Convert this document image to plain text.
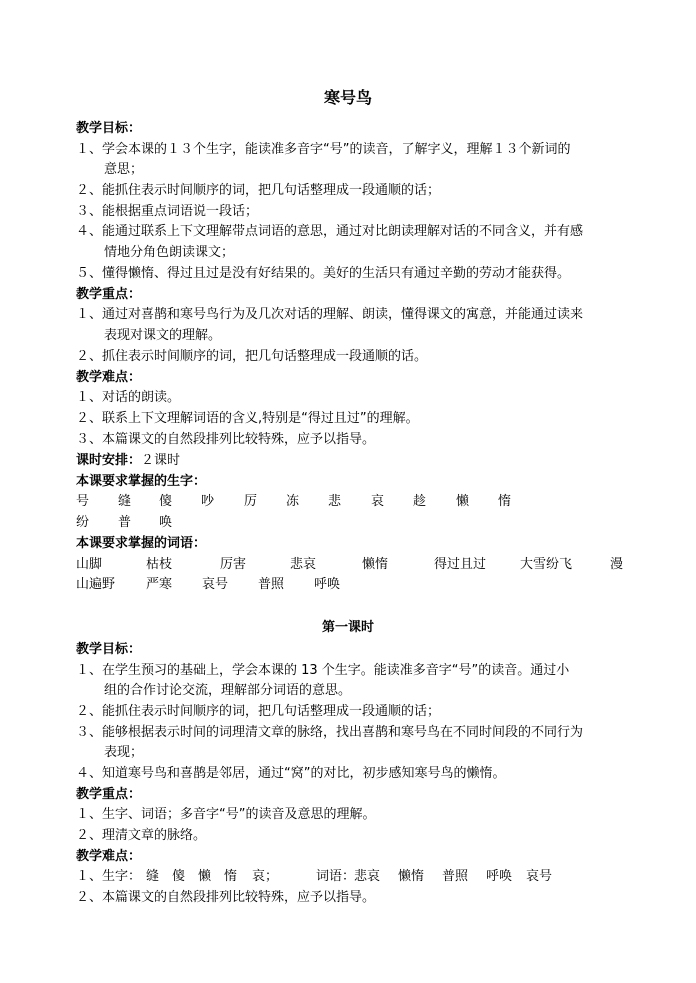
寒号鸟
教学目标：
１、学会本课的１３个生字，能读准多音字“号”的读音，了解字义，理解１３个新词的
意思；
２、能抓住表示时间顺序的词，把几句话整理成一段通顺的话；
３、能根据重点词语说一段话；
４、能通过联系上下文理解带点词语的意思，通过对比朗读理解对话的不同含义，并有感
情地分角色朗读课文；
５、懂得懒惰、得过且过是没有好结果的。美好的生活只有通过辛勤的劳动才能获得。
教学重点：
１、通过对喜鹊和寒号鸟行为及几次对话的理解、朗读，懂得课文的寓意，并能通过读来
表现对课文的理解。
２、抓住表示时间顺序的词，把几句话整理成一段通顺的话。
教学难点：
１、对话的朗读。
２、联系上下文理解词语的含义,特别是“得过且过”的理解。
３、本篇课文的自然段排列比较特殊，应予以指导。
课时安排：２课时
本课要求掌握的生字：
号 缝 傻 吵 厉 冻 悲 哀 趁 懒 惰
纷 普 唤
本课要求掌握的词语：
山脚	枯枝	厉害	悲哀	懒惰	得过且过	大雪纷飞	漫
山遍野 严寒 哀号 普照 呼唤
第一课时
教学目标：
１、在学生预习的基础上，学会本课的 13 个生字。能读准多音字“号”的读音。通过小
组的合作讨论交流，理解部分词语的意思。
２、能抓住表示时间顺序的词，把几句话整理成一段通顺的话；
３、能够根据表示时间的词理清文章的脉络，找出喜鹊和寒号鸟在不同时间段的不同行为
表现；
４、知道寒号鸟和喜鹊是邻居，通过“窝”的对比，初步感知寒号鸟的懒惰。
教学重点：
１、生字、词语；多音字“号”的读音及意思的理解。
２、理清文章的脉络。
教学难点：
１、生字： 缝 傻 懒 惰 哀；	词语：
悲哀 懒惰 普照 呼唤 哀号
２、本篇课文的自然段排列比较特殊，应予以指导。
